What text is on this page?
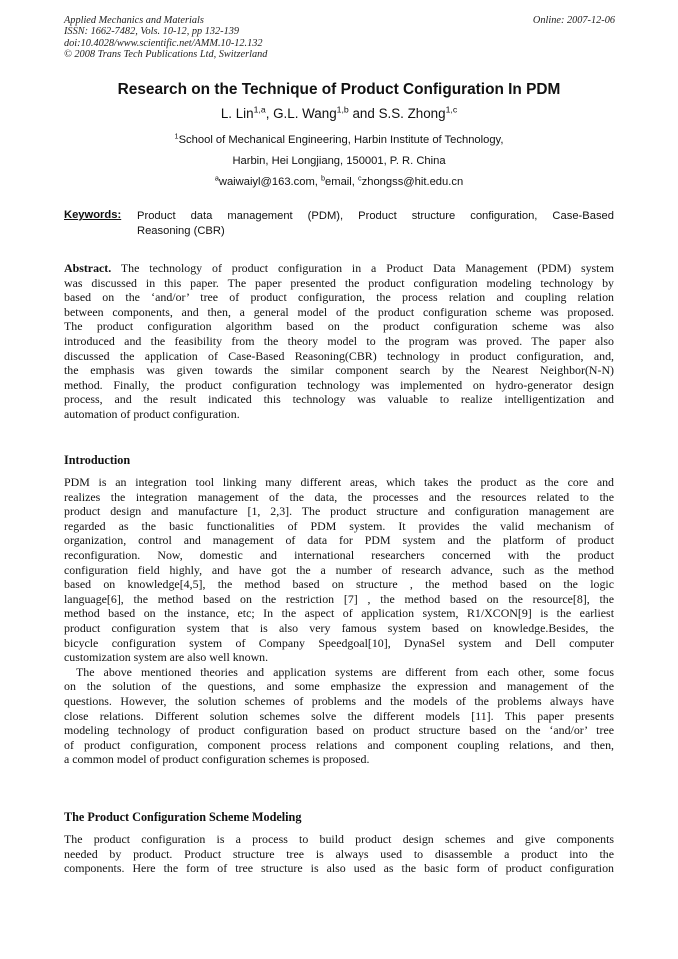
Applied Mechanics and Materials
ISSN: 1662-7482, Vols. 10-12, pp 132-139
doi:10.4028/www.scientific.net/AMM.10-12.132
© 2008 Trans Tech Publications Ltd, Switzerland
Online: 2007-12-06
Research on the Technique of Product Configuration In PDM
L. Lin$^{1,a}$, G.L. Wang$^{1,b}$ and S.S. Zhong$^{1,c}$
$^1$School of Mechanical Engineering, Harbin Institute of Technology,
Harbin, Hei Longjiang, 150001, P. R. China
$^a$waiwaiyl@163.com, $^b$email, $^c$zhongss@hit.edu.cn
Keywords: Product data management (PDM), Product structure configuration, Case-Based
Reasoning (CBR)
Abstract. The technology of product configuration in a Product Data Management (PDM) system
was discussed in this paper. The paper presented the product configuration modeling technology by
based on the ‘and/or’ tree of product configuration, the process relation and coupling relation
between components, and then, a general model of the product configuration scheme was proposed.
The product configuration algorithm based on the product configuration scheme was also
introduced and the feasibility from the theory model to the program was proved. The paper also
discussed the application of Case-Based Reasoning(CBR) technology in product configuration, and,
the emphasis was given towards the similar component search by the Nearest Neighbor(N-N)
method. Finally, the product configuration technology was implemented on hydro-generator design
process, and the result indicated this technology was valuable to realize intelligentization and
automation of product configuration.
Introduction
PDM is an integration tool linking many different areas, which takes the product as the core and
realizes the integration management of the data, the processes and the resources related to the
product design and manufacture [1, 2,3]. The product structure and configuration management are
regarded as the basic functionalities of PDM system. It provides the valid mechanism of
organization, control and management of data for PDM system and the platform of product
reconfiguration. Now, domestic and international researchers concerned with the product
configuration field highly, and have got the a number of research advance, such as the method
based on knowledge[4,5], the method based on structure , the method based on the logic
language[6], the method based on the restriction [7] , the method based on the resource[8], the
method based on the instance, etc; In the aspect of application system, R1/XCON[9] is the earliest
product configuration system that is also very famous system based on knowledge.Besides, the
bicycle configuration system of Company Speedgoal[10], DynaSel system and Dell computer
customization system are also well known.
The above mentioned theories and application systems are different from each other, some focus
on the solution of the questions, and some emphasize the expression and management of the
questions. However, the solution schemes of problems and the models of the problems always have
close relations. Different solution schemes solve the different models [11]. This paper presents
modeling technology of product configuration based on product structure based on the ‘and/or’ tree
of product configuration, component process relations and component coupling relations, and then,
a common model of product configuration schemes is proposed.
The Product Configuration Scheme Modeling
The product configuration is a process to build product design schemes and give components
needed by product. Product structure tree is always used to disassemble a product into the
components. Here the form of tree structure is also used as the basic form of product configuration
